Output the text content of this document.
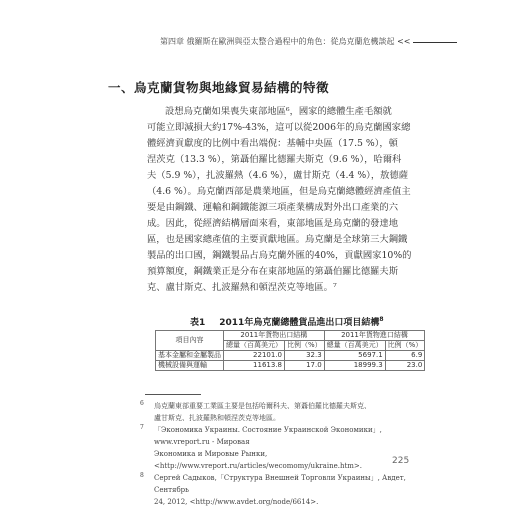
第四章 俄羅斯在歐洲與亞太整合過程中的角色：從烏克蘭危機談起 <<
一、烏克蘭貨物與地緣貿易結構的特徵
設想烏克蘭如果喪失東部地區⁶，國家的總體生產毛額就
可能立即減損大約17%-43%，這可以從2006年的烏克蘭國家總
體經濟貢獻度的比例中看出端倪：基輔中央區（17.5 %），頓
涅茨克（13.3 %），第聶伯羅比德羅夫斯克（9.6 %），哈爾科
夫（5.9 %），扎波羅熱（4.6 %），盧甘斯克（4.4 %），敖德薩
（4.6 %）。烏克蘭西部是農業地區，但是烏克蘭總體經濟產值主
要是由鋼鐵、運輸和鋼鐵能源三項產業構成對外出口產業的六
成。因此，從經濟結構層面來看，東部地區是烏克蘭的發達地
區，也是國家總產值的主要貢獻地區。烏克蘭是全球第三大鋼鐵
製品的出口國，鋼鐵製品占烏克蘭外匯的40%，貢獻國家10%的
預算額度，鋼鐵業正是分布在東部地區的第聶伯羅比德羅夫斯
克、盧甘斯克、扎波羅熱和頓涅茨克等地區。⁷
表1 2011年烏克蘭總體貨品進出口項目結構$^8$
項目內容	2011年貨物出口結構		2011年貨物進口結構	
	總量（百萬美元）	比例（%）	總量（百萬美元）	比例（%）
基本金屬和金屬製品	22101.0	32.3	5697.1	6.9
機械設備與運輸	11613.8	17.0	18999.3	23.0
6 烏克蘭東部重要工業區主要是包括哈爾科夫、第聶伯羅比德羅夫斯克、
盧甘斯克、扎波羅熱和頓涅茨克等地區。
7 「Экономика Украины. Состояние Украинской Экономики」, www.vreport.ru - Мировая
Экономика и Мировые Рынки, <http://www.vreport.ru/articles/wecomomy/ukraine.htm>.
8 Сергей Садыков,「Структура Внешней Торговли Украины」, Авдет, Сентябрь
24, 2012, <http://www.avdet.org/node/6614>.
225
